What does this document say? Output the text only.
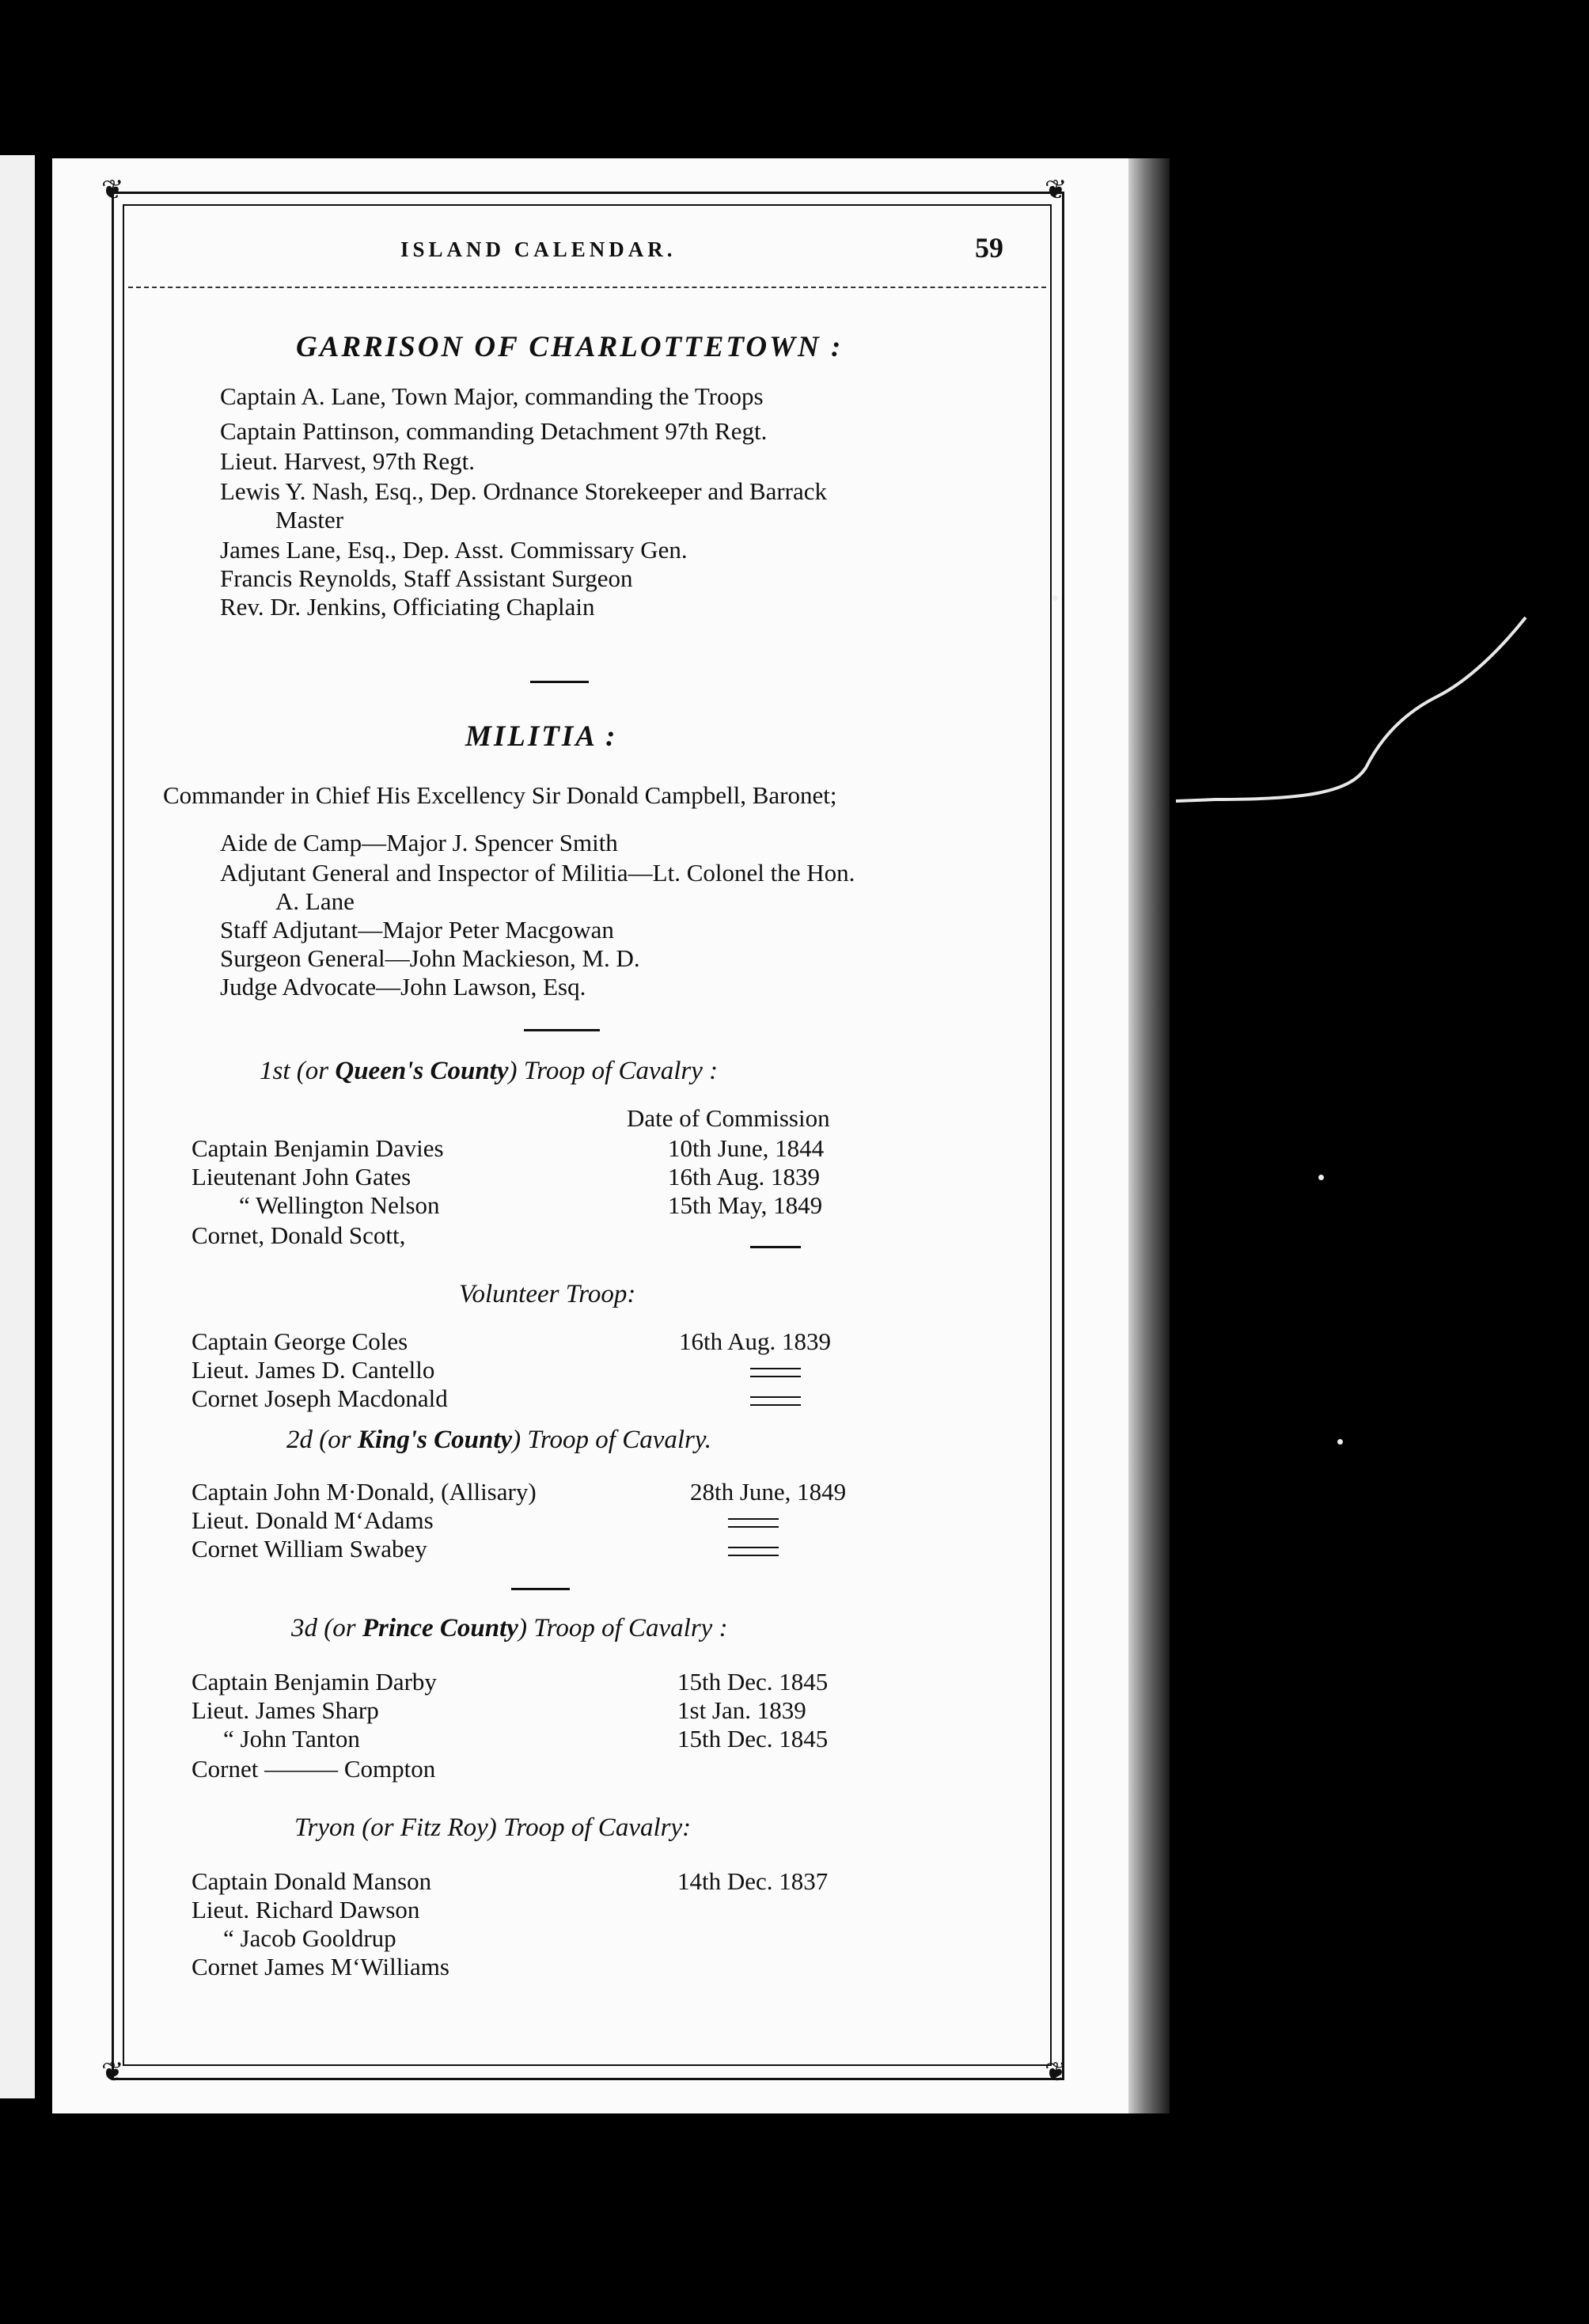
❦	❦
❦	❦
ISLAND CALENDAR.	59
GARRISON OF CHARLOTTETOWN :
Captain A. Lane, Town Major, commanding the Troops
Captain Pattinson, commanding Detachment 97th Regt.
Lieut. Harvest, 97th Regt.
Lewis Y. Nash, Esq., Dep. Ordnance Storekeeper and Barrack
Master
James Lane, Esq., Dep. Asst. Commissary Gen.
Francis Reynolds, Staff Assistant Surgeon
Rev. Dr. Jenkins, Officiating Chaplain
MILITIA :
Commander in Chief His Excellency Sir Donald Campbell, Baronet;
Aide de Camp—Major J. Spencer Smith
Adjutant General and Inspector of Militia—Lt. Colonel the Hon.
A. Lane
Staff Adjutant—Major Peter Macgowan
Surgeon General—John Mackieson, M. D.
Judge Advocate—John Lawson, Esq.
1st (or Queen's County) Troop of Cavalry :
Date of Commission
Captain Benjamin Davies	10th June, 1844
Lieutenant John Gates	16th Aug. 1839
“ Wellington Nelson	15th May, 1849
Cornet, Donald Scott,
Volunteer Troop:
Captain George Coles	16th Aug. 1839
Lieut. James D. Cantello
Cornet Joseph Macdonald
2d (or King's County) Troop of Cavalry.
Captain John M·Donald, (Allisary)	28th June, 1849
Lieut. Donald M‘Adams
Cornet William Swabey
3d (or Prince County) Troop of Cavalry :
Captain Benjamin Darby	15th Dec. 1845
Lieut. James Sharp	1st Jan. 1839
“ John Tanton	15th Dec. 1845
Cornet ——— Compton
Tryon (or Fitz Roy) Troop of Cavalry:
Captain Donald Manson	14th Dec. 1837
Lieut. Richard Dawson
“ Jacob Gooldrup
Cornet James M‘Williams
